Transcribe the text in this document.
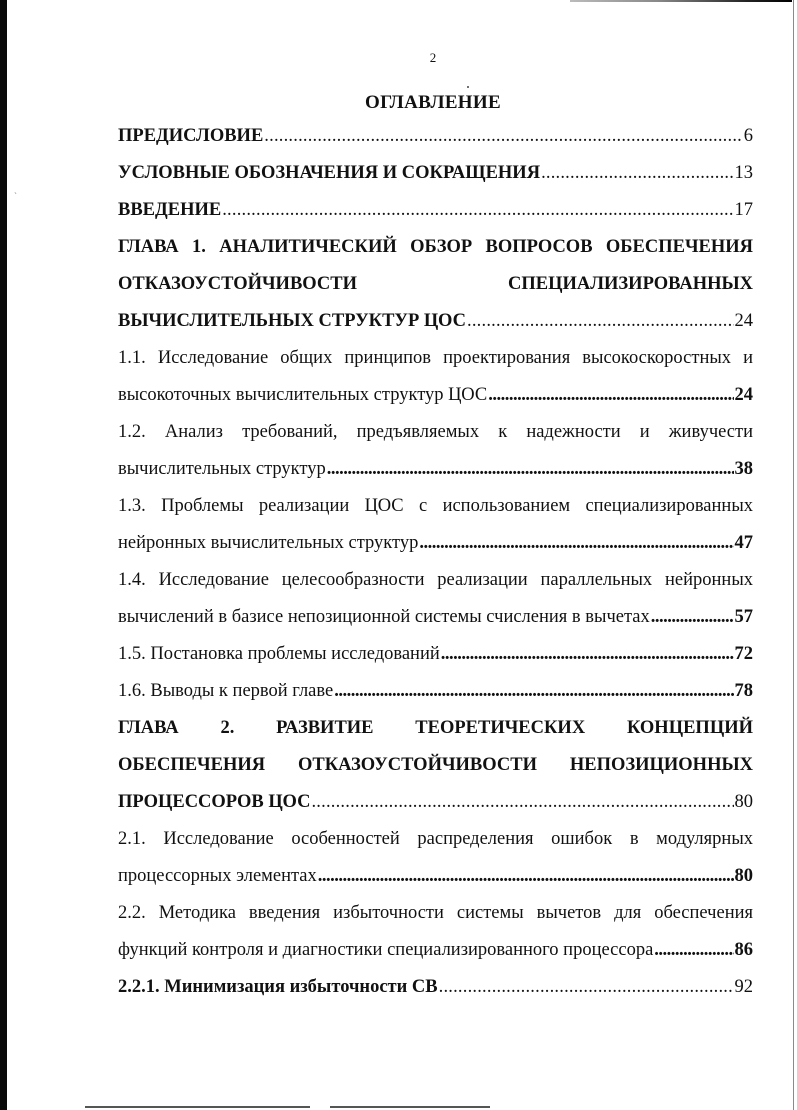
ˋ
2
ОГЛАВЛЕНИЕ
ПРЕДИСЛОВИЕ .....	6
УСЛОВНЫЕ ОБОЗНАЧЕНИЯ И СОКРАЩЕНИЯ .....	13
ВВЕДЕНИЕ .....	17
ГЛАВА 1. АНАЛИТИЧЕСКИЙ ОБЗОР ВОПРОСОВ ОБЕСПЕЧЕНИЯ
ОТКАЗОУСТОЙЧИВОСТИ СПЕЦИАЛИЗИРОВАННЫХ
ВЫЧИСЛИТЕЛЬНЫХ СТРУКТУР ЦОС .....	24
1.1. Исследование общих принципов проектирования высокоскоростных и
высокоточных вычислительных структур ЦОС .....	24
1.2. Анализ требований, предъявляемых к надежности и живучести
вычислительных структур .....	38
1.3. Проблемы реализации ЦОС с использованием специализированных
нейронных вычислительных структур .....	47
1.4. Исследование целесообразности реализации параллельных нейронных
вычислений в базисе непозиционной системы счисления в вычетах .....	57
1.5. Постановка проблемы исследований .....	72
1.6. Выводы к первой главе .....	78
ГЛАВА 2. РАЗВИТИЕ ТЕОРЕТИЧЕСКИХ КОНЦЕПЦИЙ
ОБЕСПЕЧЕНИЯ ОТКАЗОУСТОЙЧИВОСТИ НЕПОЗИЦИОННЫХ
ПРОЦЕССОРОВ ЦОС .....	80
2.1. Исследование особенностей распределения ошибок в модулярных
процессорных элементах .....	80
2.2. Методика введения избыточности системы вычетов для обеспечения
функций контроля и диагностики специализированного процессора .....	86
2.2.1. Минимизация избыточности СВ .....	92
